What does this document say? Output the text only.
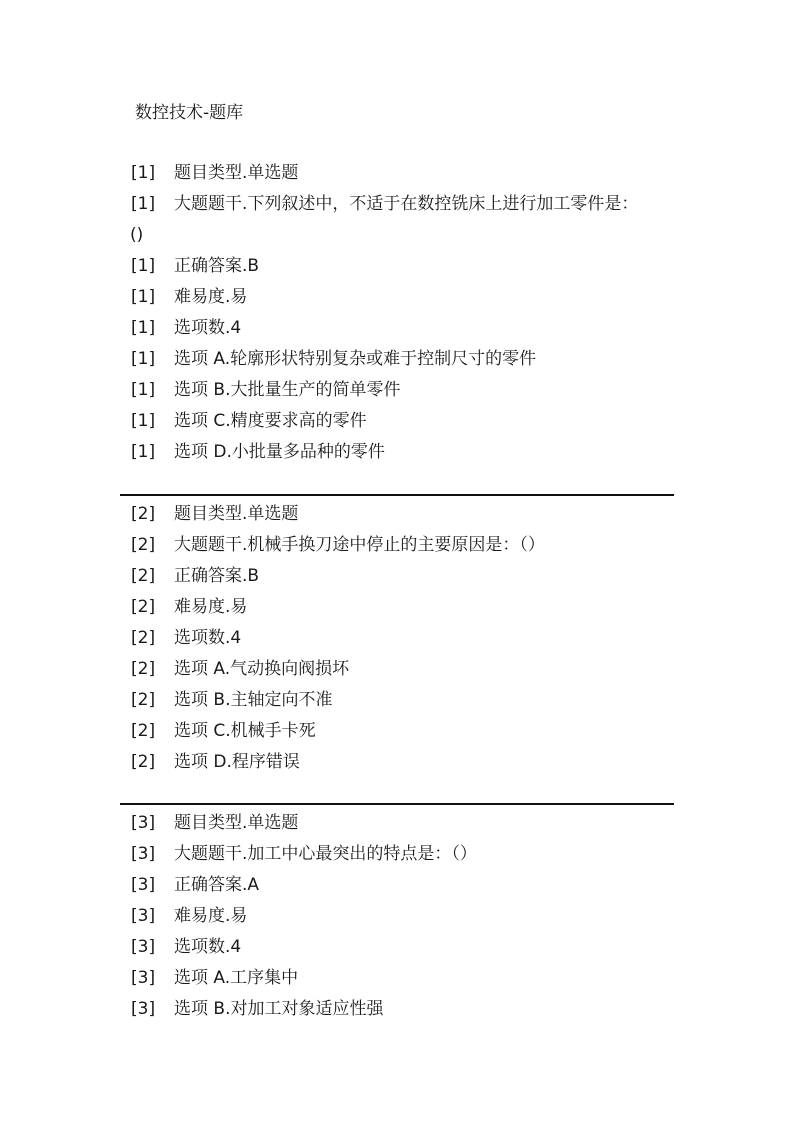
数控技术-题库
[1] 题目类型.单选题
[1] 大题题干.下列叙述中，不适于在数控铣床上进行加工零件是：
()
[1] 正确答案.B
[1] 难易度.易
[1] 选项数.4
[1] 选项 A.轮廓形状特别复杂或难于控制尺寸的零件
[1] 选项 B.大批量生产的简单零件
[1] 选项 C.精度要求高的零件
[1] 选项 D.小批量多品种的零件
[2] 题目类型.单选题
[2] 大题题干.机械手换刀途中停止的主要原因是：（）
[2] 正确答案.B
[2] 难易度.易
[2] 选项数.4
[2] 选项 A.气动换向阀损坏
[2] 选项 B.主轴定向不准
[2] 选项 C.机械手卡死
[2] 选项 D.程序错误
[3] 题目类型.单选题
[3] 大题题干.加工中心最突出的特点是：（）
[3] 正确答案.A
[3] 难易度.易
[3] 选项数.4
[3] 选项 A.工序集中
[3] 选项 B.对加工对象适应性强
